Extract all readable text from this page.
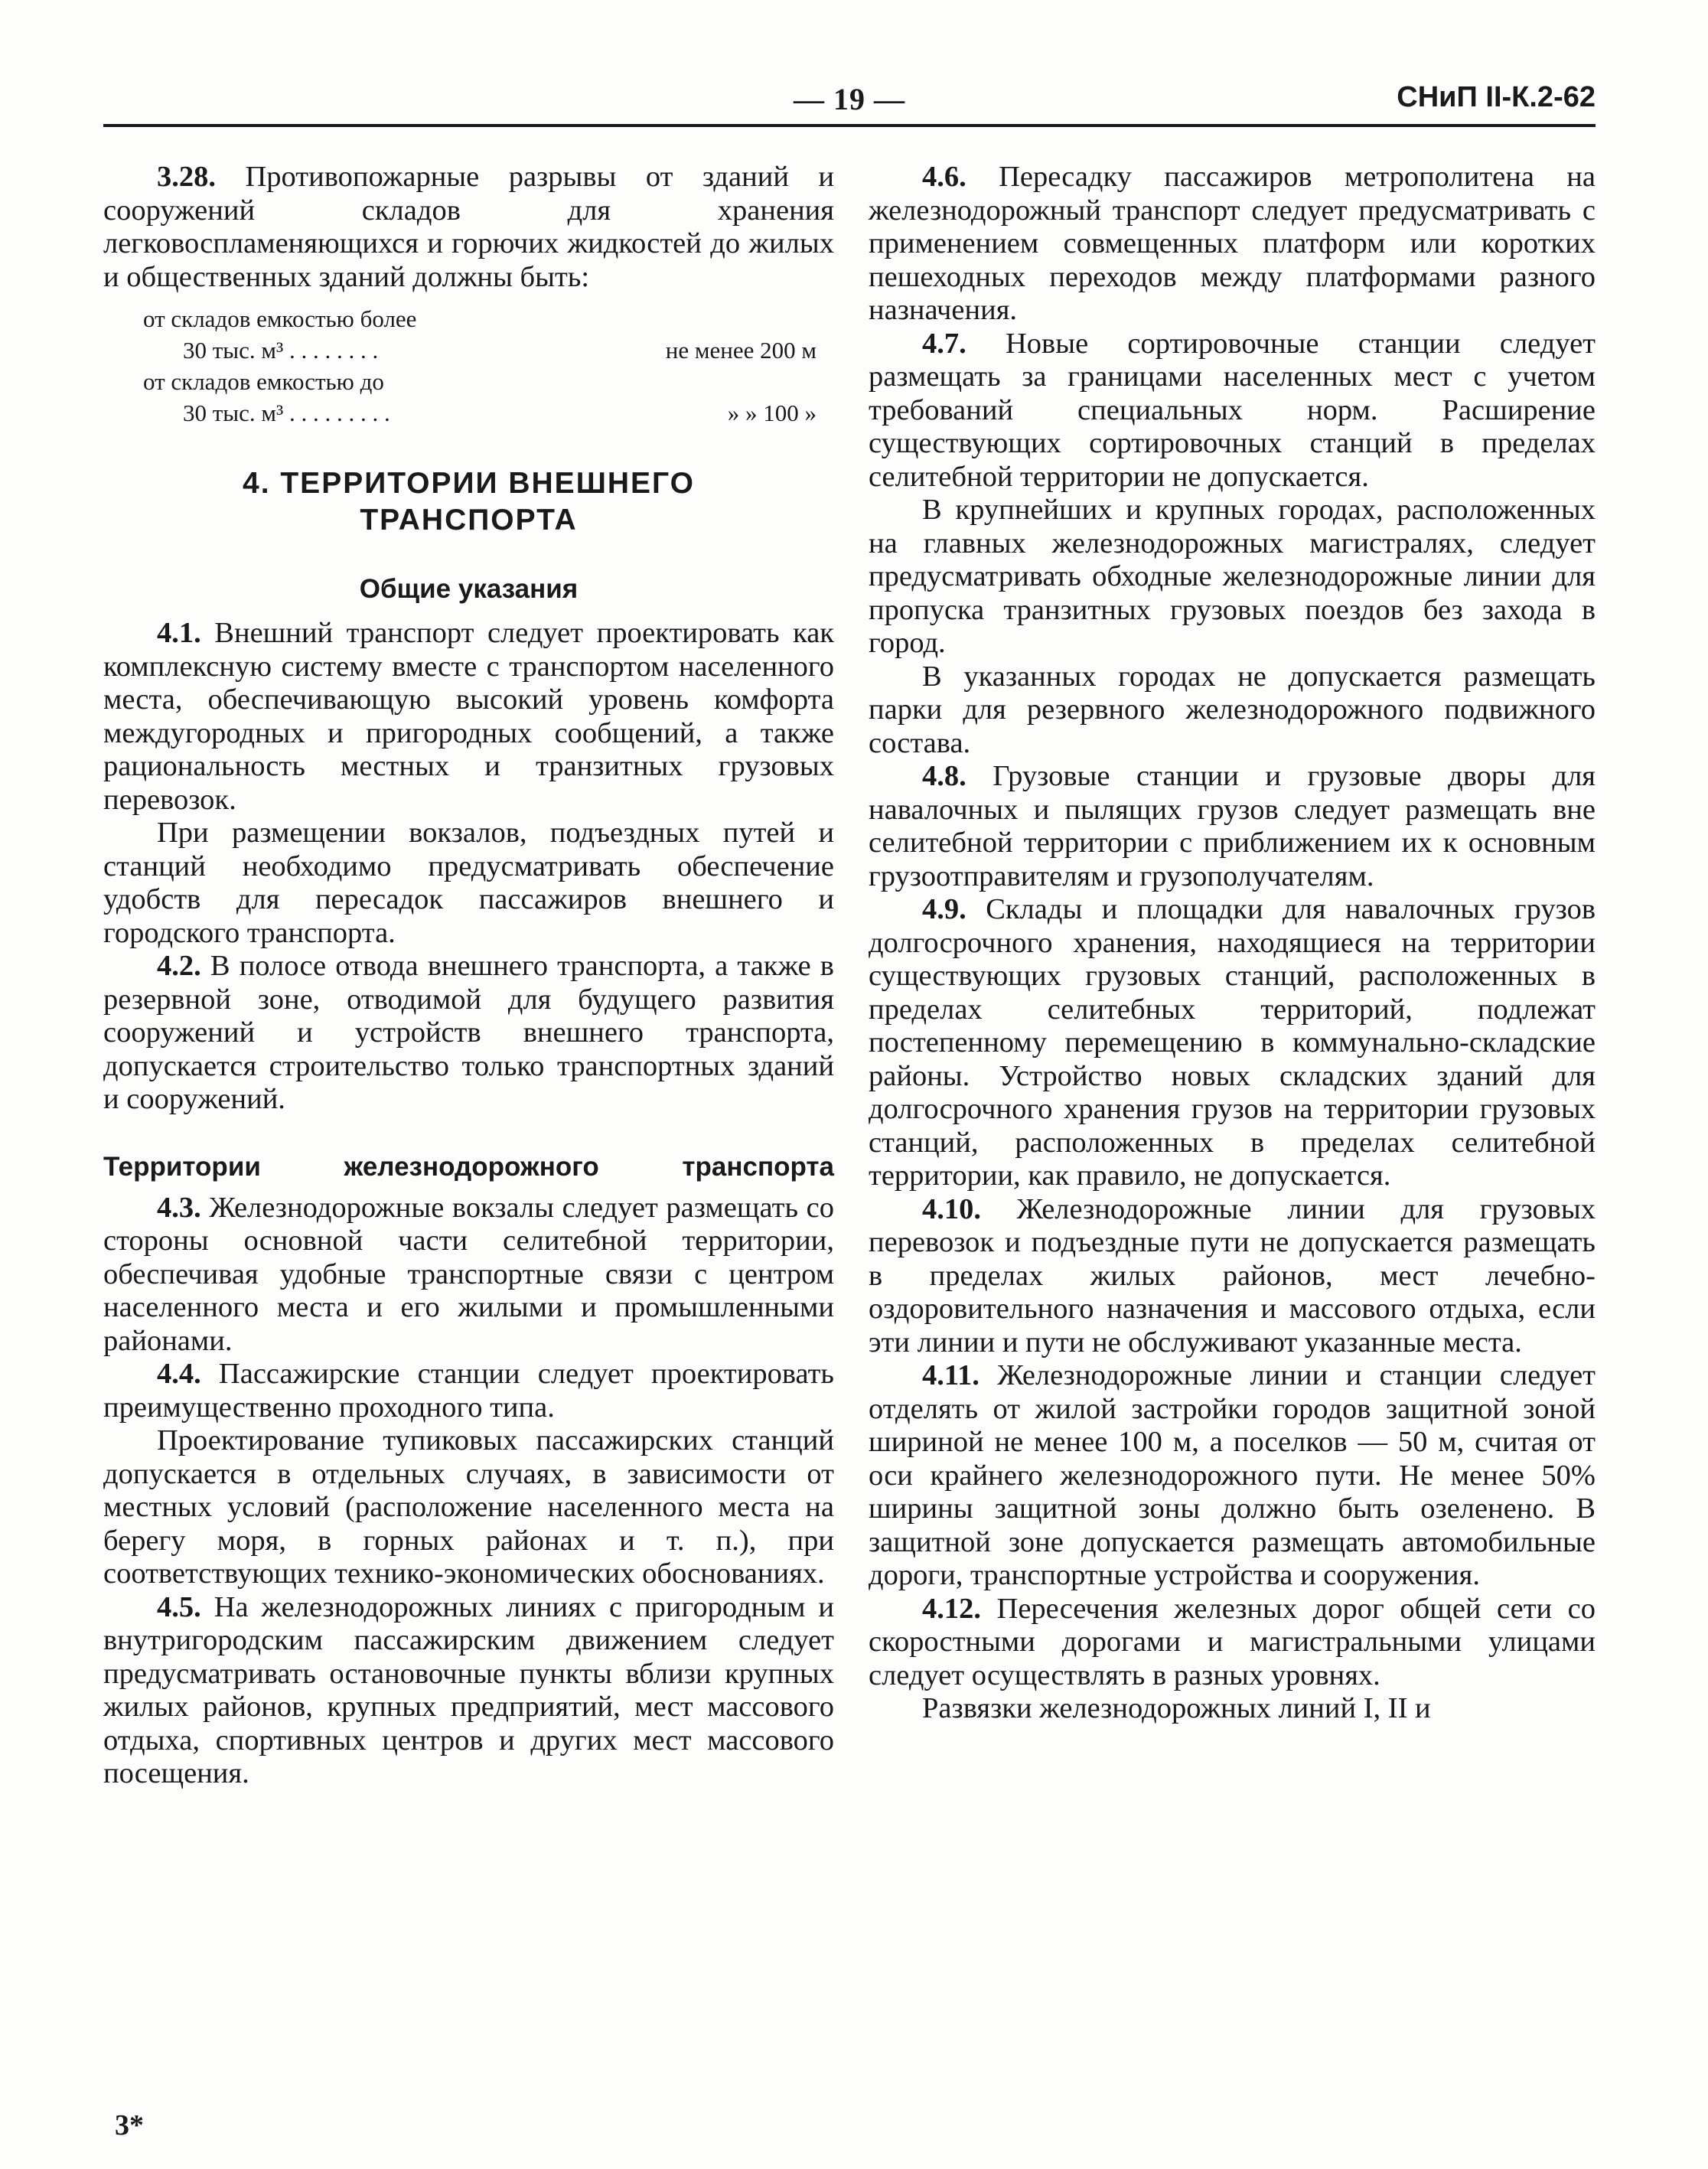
— 19 —	СНиП II-К.2-62

3.28. Противопожарные разрывы от зданий и сооружений складов для хранения легковоспламеняющихся и горючих жидкостей до жилых и общественных зданий должны быть:

от складов емкостью более
30 тыс. м³ . . . . . . . .	не менее 200 м
от складов емкостью до
30 тыс. м³ . . . . . . . . .	» » 100 »
4. ТЕРРИТОРИИ ВНЕШНЕГО
ТРАНСПОРТА
Общие указания

4.1. Внешний транспорт следует проектировать как комплексную систему вместе с транспортом населенного места, обеспечивающую высокий уровень комфорта междугородных и пригородных сообщений, а также рациональность местных и транзитных грузовых перевозок.

При размещении вокзалов, подъездных путей и станций необходимо предусматривать обеспечение удобств для пересадок пассажиров внешнего и городского транспорта.

4.2. В полосе отвода внешнего транспорта, а также в резервной зоне, отводимой для будущего развития сооружений и устройств внешнего транспорта, допускается строительство только транспортных зданий и сооружений.

Территории	железнодорожного	транспорта

4.3. Железнодорожные вокзалы следует размещать со стороны основной части селитебной территории, обеспечивая удобные транспортные связи с центром населенного места и его жилыми и промышленными районами.

4.4. Пассажирские станции следует проектировать преимущественно проходного типа.

Проектирование тупиковых пассажирских станций допускается в отдельных случаях, в зависимости от местных условий (расположение населенного места на берегу моря, в горных районах и т. п.), при соответствующих технико-экономических обоснованиях.

4.5. На железнодорожных линиях с пригородным и внутригородским пассажирским движением следует предусматривать остановочные пункты вблизи крупных жилых районов, крупных предприятий, мест массового отдыха, спортивных центров и других мест массового посещения.

4.6. Пересадку пассажиров метрополитена на железнодорожный транспорт следует предусматривать с применением совмещенных платформ или коротких пешеходных переходов между платформами разного назначения.

4.7. Новые сортировочные станции следует размещать за границами населенных мест с учетом требований специальных норм. Расширение существующих сортировочных станций в пределах селитебной территории не допускается.

В крупнейших и крупных городах, расположенных на главных железнодорожных магистралях, следует предусматривать обходные железнодорожные линии для пропуска транзитных грузовых поездов без захода в город.

В указанных городах не допускается размещать парки для резервного железнодорожного подвижного состава.

4.8. Грузовые станции и грузовые дворы для навалочных и пылящих грузов следует размещать вне селитебной территории с приближением их к основным грузоотправителям и грузополучателям.

4.9. Склады и площадки для навалочных грузов долгосрочного хранения, находящиеся на территории существующих грузовых станций, расположенных в пределах селитебных территорий, подлежат постепенному перемещению в коммунально-складские районы. Устройство новых складских зданий для долгосрочного хранения грузов на территории грузовых станций, расположенных в пределах селитебной территории, как правило, не допускается.

4.10. Железнодорожные линии для грузовых перевозок и подъездные пути не допускается размещать в пределах жилых районов, мест лечебно-оздоровительного назначения и массового отдыха, если эти линии и пути не обслуживают указанные места.

4.11. Железнодорожные линии и станции следует отделять от жилой застройки городов защитной зоной шириной не менее 100 м, а поселков — 50 м, считая от оси крайнего железнодорожного пути. Не менее 50% ширины защитной зоны должно быть озеленено. В защитной зоне допускается размещать автомобильные дороги, транспортные устройства и сооружения.

4.12. Пересечения железных дорог общей сети со скоростными дорогами и магистральными улицами следует осуществлять в разных уровнях.

Развязки железнодорожных линий I, II и

3*
